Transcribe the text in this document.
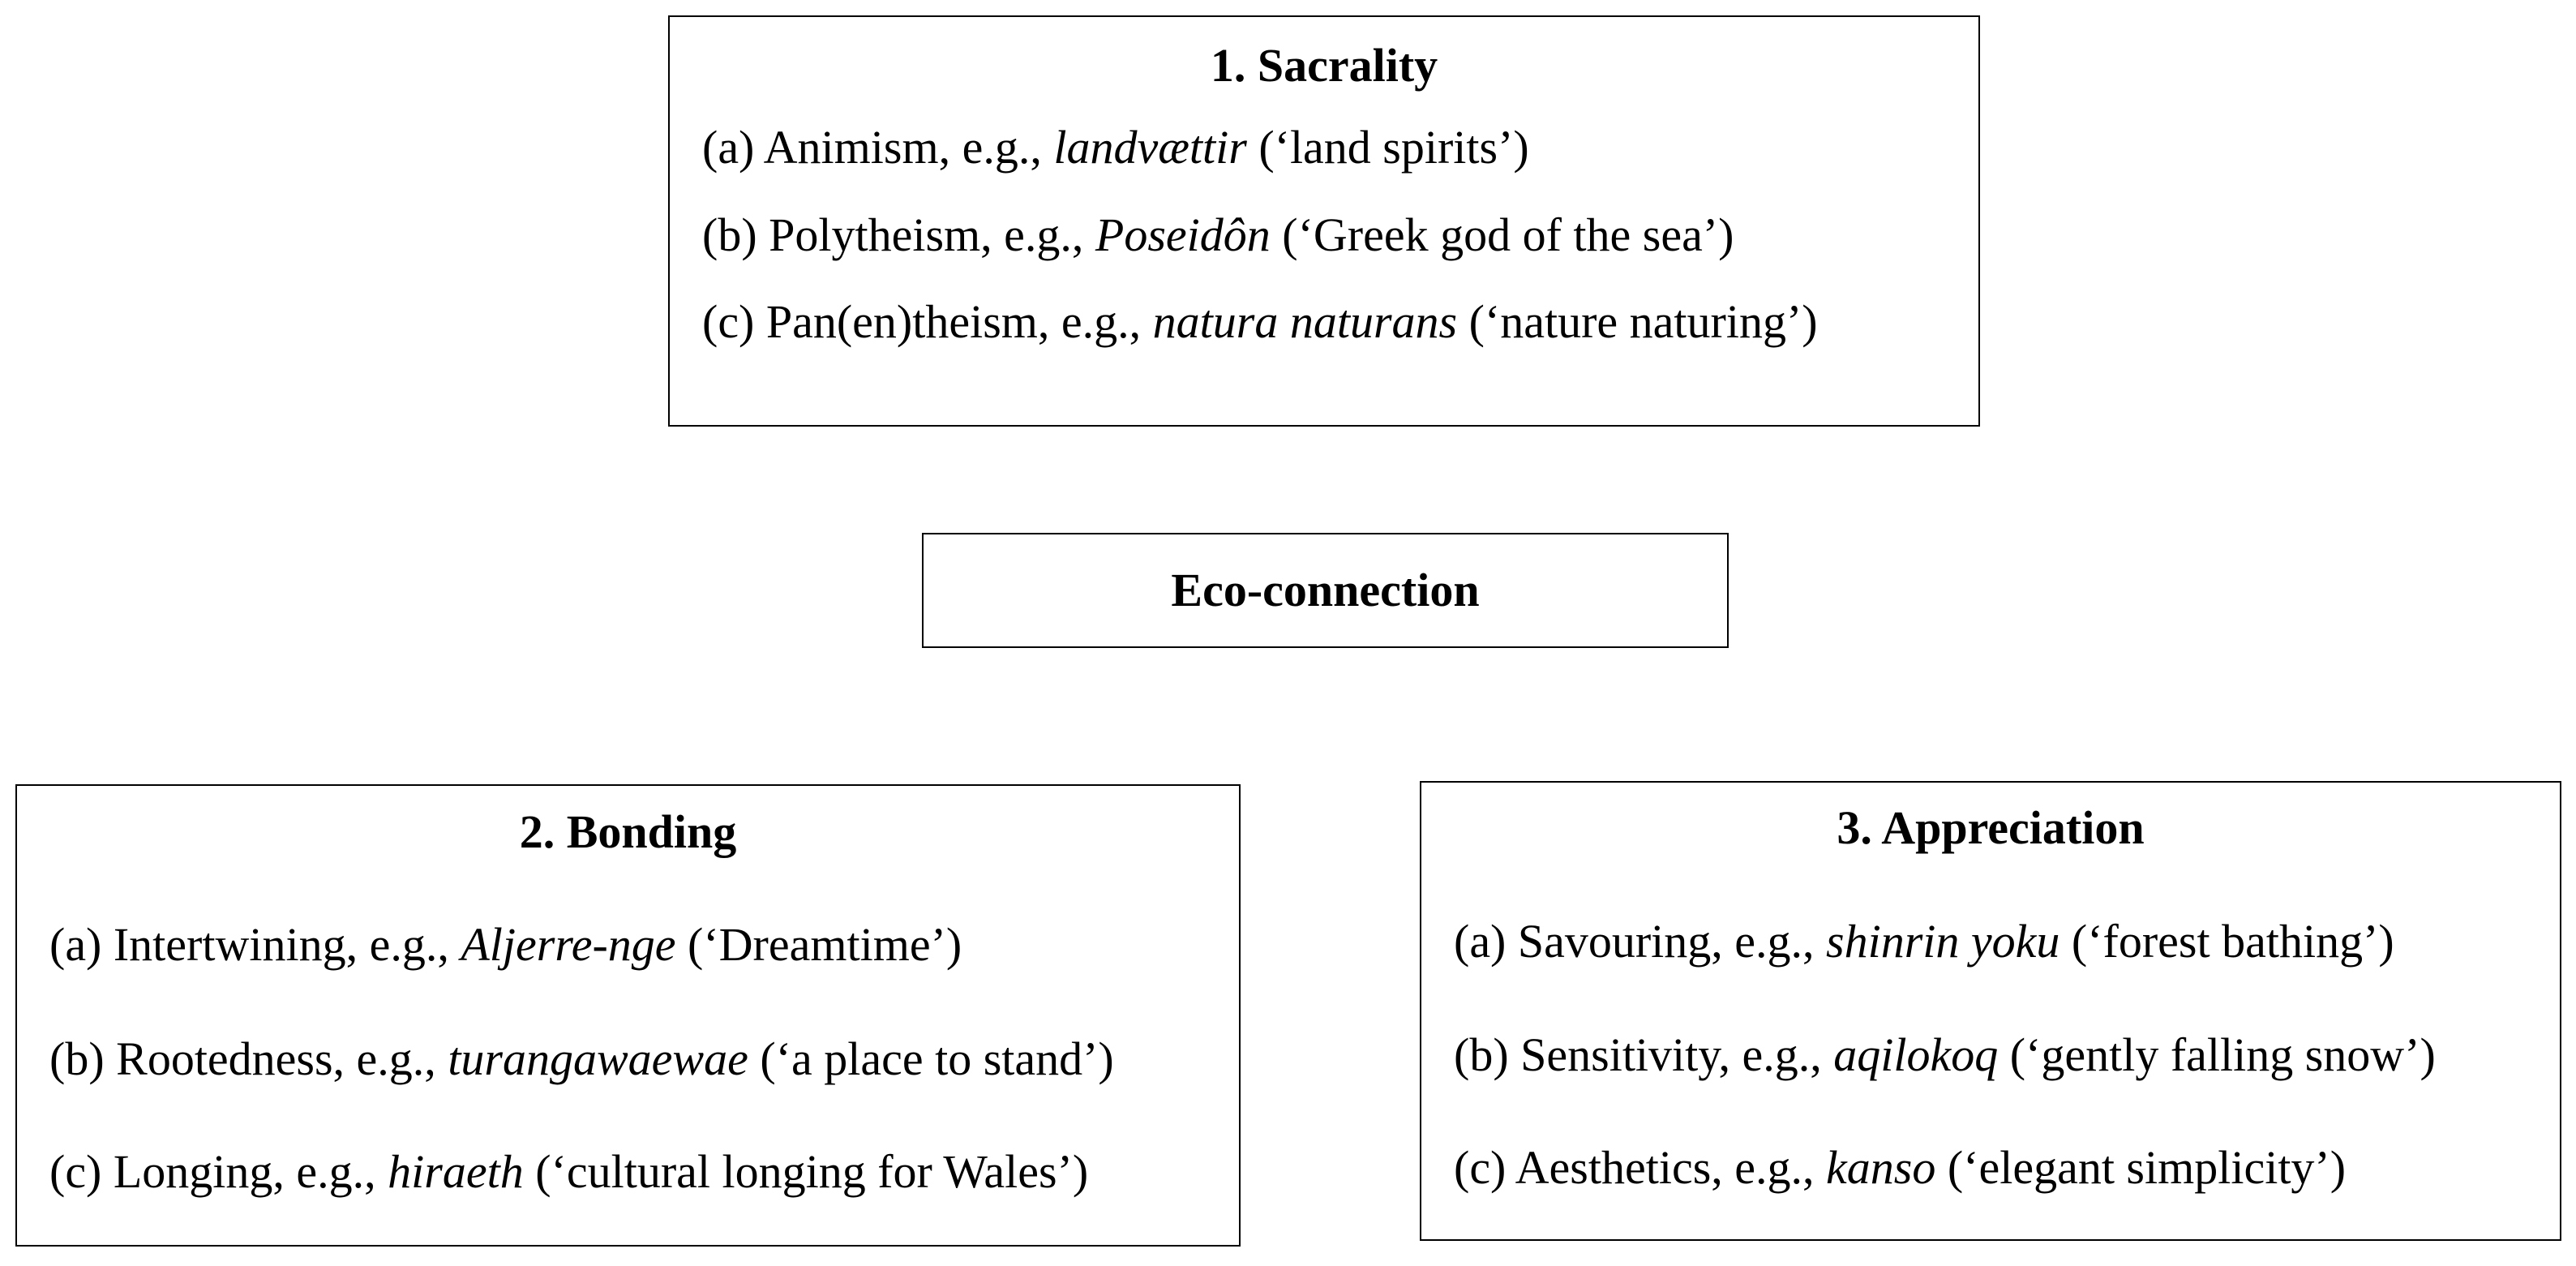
1. Sacrality
(a) Animism, e.g., landvættir (‘land spirits’)
(b) Polytheism, e.g., Poseidôn (‘Greek god of the sea’)
(c) Pan(en)theism, e.g., natura naturans (‘nature naturing’)
Eco-connection
2. Bonding
(a) Intertwining, e.g., Aljerre-nge (‘Dreamtime’)
(b) Rootedness, e.g., turangawaewae (‘a place to stand’)
(c) Longing, e.g., hiraeth (‘cultural longing for Wales’)
3. Appreciation
(a) Savouring, e.g., shinrin yoku (‘forest bathing’)
(b) Sensitivity, e.g., aqilokoq (‘gently falling snow’)
(c) Aesthetics, e.g., kanso (‘elegant simplicity’)
